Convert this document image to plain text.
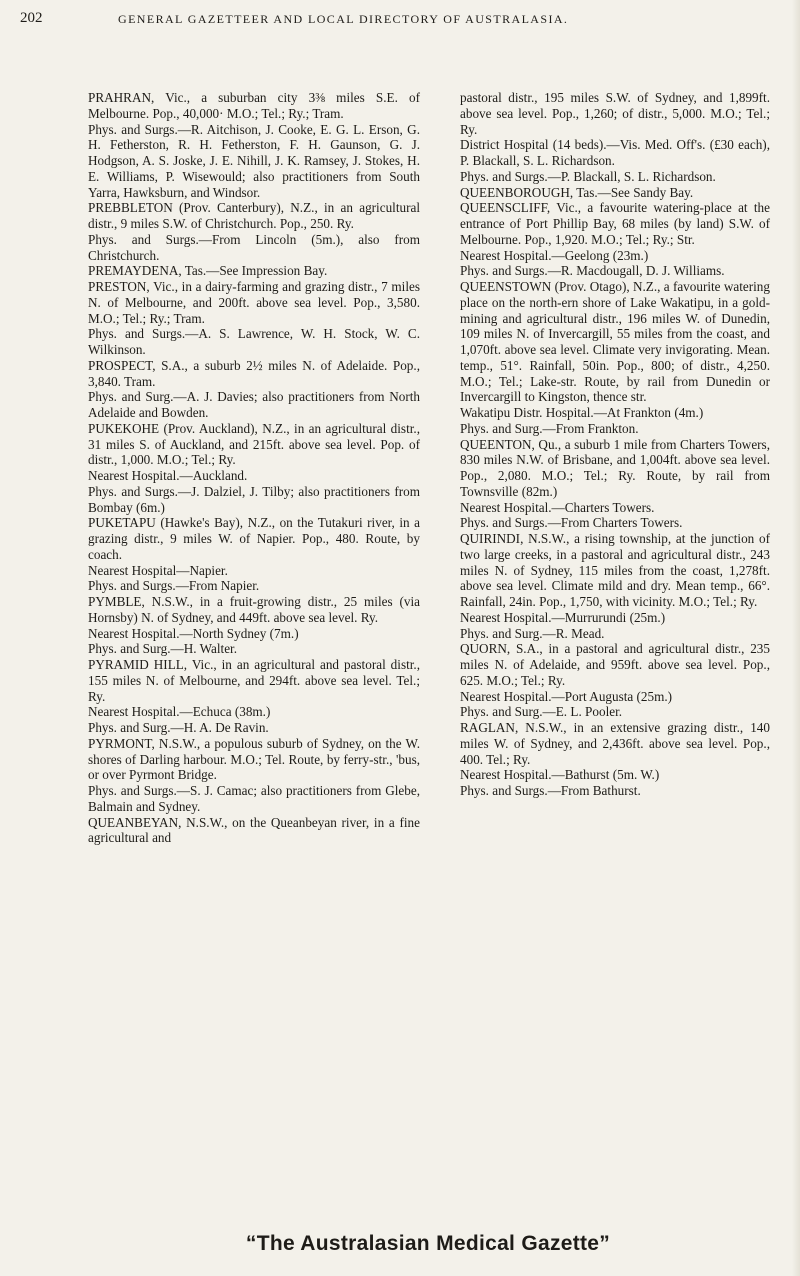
202	GENERAL GAZETTEER AND LOCAL DIRECTORY OF AUSTRALASIA.

PRAHRAN, Vic., a suburban city 3⅜ miles S.E. of Melbourne. Pop., 40,000· M.O.; Tel.; Ry.; Tram.

Phys. and Surgs.—R. Aitchison, J. Cooke, E. G. L. Erson, G. H. Fetherston, R. H. Fetherston, F. H. Gaunson, G. J. Hodgson, A. S. Joske, J. E. Nihill, J. K. Ramsey, J. Stokes, H. E. Williams, P. Wisewould; also practitioners from South Yarra, Hawksburn, and Windsor.

PREBBLETON (Prov. Canterbury), N.Z., in an agricultural distr., 9 miles S.W. of Christchurch. Pop., 250. Ry.

Phys. and Surgs.—From Lincoln (5m.), also from Christchurch.

PREMAYDENA, Tas.—See Impression Bay.

PRESTON, Vic., in a dairy-farming and grazing distr., 7 miles N. of Melbourne, and 200ft. above sea level. Pop., 3,580. M.O.; Tel.; Ry.; Tram.

Phys. and Surgs.—A. S. Lawrence, W. H. Stock, W. C. Wilkinson.

PROSPECT, S.A., a suburb 2½ miles N. of Adelaide. Pop., 3,840. Tram.

Phys. and Surg.—A. J. Davies; also practitioners from North Adelaide and Bowden.

PUKEKOHE (Prov. Auckland), N.Z., in an agricultural distr., 31 miles S. of Auckland, and 215ft. above sea level. Pop. of distr., 1,000. M.O.; Tel.; Ry.

Nearest Hospital.—Auckland.

Phys. and Surgs.—J. Dalziel, J. Tilby; also practitioners from Bombay (6m.)

PUKETAPU (Hawke's Bay), N.Z., on the Tutakuri river, in a grazing distr., 9 miles W. of Napier. Pop., 480. Route, by coach.

Nearest Hospital—Napier.

Phys. and Surgs.—From Napier.

PYMBLE, N.S.W., in a fruit-growing distr., 25 miles (via Hornsby) N. of Sydney, and 449ft. above sea level. Ry.

Nearest Hospital.—North Sydney (7m.)

Phys. and Surg.—H. Walter.

PYRAMID HILL, Vic., in an agricultural and pastoral distr., 155 miles N. of Melbourne, and 294ft. above sea level. Tel.; Ry.

Nearest Hospital.—Echuca (38m.)

Phys. and Surg.—H. A. De Ravin.

PYRMONT, N.S.W., a populous suburb of Sydney, on the W. shores of Darling harbour. M.O.; Tel. Route, by ferry-str., 'bus, or over Pyrmont Bridge.

Phys. and Surgs.—S. J. Camac; also practitioners from Glebe, Balmain and Sydney.

QUEANBEYAN, N.S.W., on the Queanbeyan river, in a fine agricultural and

pastoral distr., 195 miles S.W. of Sydney, and 1,899ft. above sea level. Pop., 1,260; of distr., 5,000. M.O.; Tel.; Ry.

District Hospital (14 beds).—Vis. Med. Off's. (£30 each), P. Blackall, S. L. Richardson.

Phys. and Surgs.—P. Blackall, S. L. Richardson.

QUEENBOROUGH, Tas.—See Sandy Bay.

QUEENSCLIFF, Vic., a favourite watering-place at the entrance of Port Phillip Bay, 68 miles (by land) S.W. of Melbourne. Pop., 1,920. M.O.; Tel.; Ry.; Str.

Nearest Hospital.—Geelong (23m.)

Phys. and Surgs.—R. Macdougall, D. J. Williams.

QUEENSTOWN (Prov. Otago), N.Z., a favourite watering place on the north-ern shore of Lake Wakatipu, in a gold-mining and agricultural distr., 196 miles W. of Dunedin, 109 miles N. of Invercargill, 55 miles from the coast, and 1,070ft. above sea level. Climate very invigorating. Mean. temp., 51°. Rainfall, 50in. Pop., 800; of distr., 4,250. M.O.; Tel.; Lake-str. Route, by rail from Dunedin or Invercargill to Kingston, thence str.

Wakatipu Distr. Hospital.—At Frankton (4m.)

Phys. and Surg.—From Frankton.

QUEENTON, Qu., a suburb 1 mile from Charters Towers, 830 miles N.W. of Brisbane, and 1,004ft. above sea level. Pop., 2,080. M.O.; Tel.; Ry. Route, by rail from Townsville (82m.)

Nearest Hospital.—Charters Towers.

Phys. and Surgs.—From Charters Towers.

QUIRINDI, N.S.W., a rising township, at the junction of two large creeks, in a pastoral and agricultural distr., 243 miles N. of Sydney, 115 miles from the coast, 1,278ft. above sea level. Climate mild and dry. Mean temp., 66°. Rainfall, 24in. Pop., 1,750, with vicinity. M.O.; Tel.; Ry.

Nearest Hospital.—Murrurundi (25m.)

Phys. and Surg.—R. Mead.

QUORN, S.A., in a pastoral and agricultural distr., 235 miles N. of Adelaide, and 959ft. above sea level. Pop., 625. M.O.; Tel.; Ry.

Nearest Hospital.—Port Augusta (25m.)

Phys. and Surg.—E. L. Pooler.

RAGLAN, N.S.W., in an extensive grazing distr., 140 miles W. of Sydney, and 2,436ft. above sea level. Pop., 400. Tel.; Ry.

Nearest Hospital.—Bathurst (5m. W.)

Phys. and Surgs.—From Bathurst.

“The Australasian Medical Gazette”
